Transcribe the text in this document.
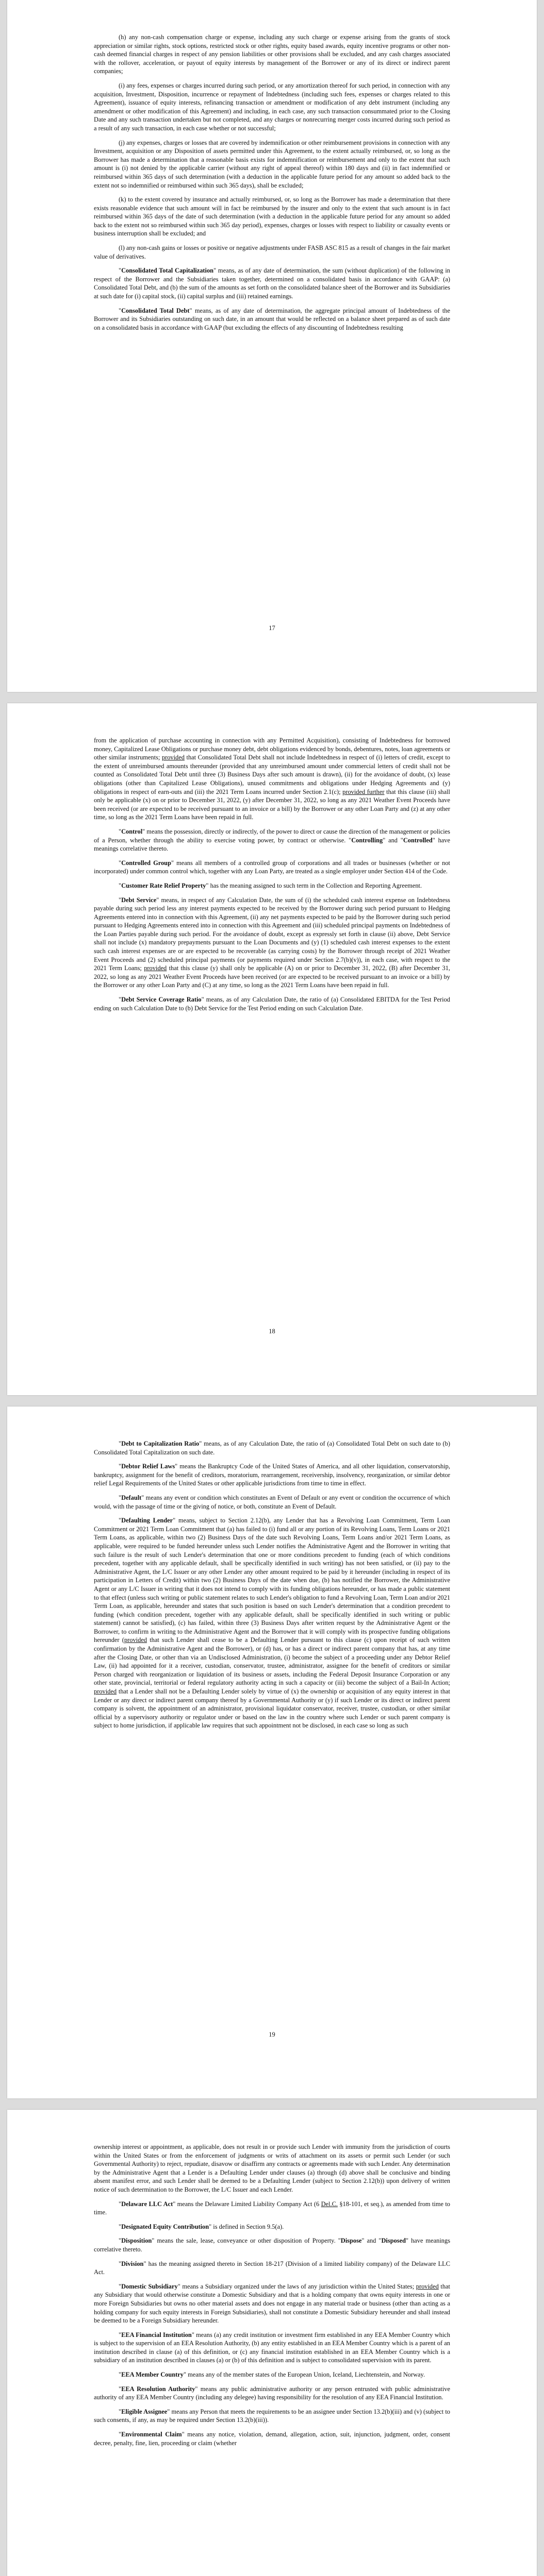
(h) any non-cash compensation charge or expense, including any such charge or expense arising from the grants of stock appreciation or similar rights, stock options, restricted stock or other rights, equity based awards, equity incentive programs or other non-cash deemed financial charges in respect of any pension liabilities or other provisions shall be excluded, and any cash charges associated with the rollover, acceleration, or payout of equity interests by management of the Borrower or any of its direct or indirect parent companies;

(i) any fees, expenses or charges incurred during such period, or any amortization thereof for such period, in connection with any acquisition, Investment, Disposition, incurrence or repayment of Indebtedness (including such fees, expenses or charges related to this Agreement), issuance of equity interests, refinancing transaction or amendment or modification of any debt instrument (including any amendment or other modification of this Agreement) and including, in each case, any such transaction consummated prior to the Closing Date and any such transaction undertaken but not completed, and any charges or nonrecurring merger costs incurred during such period as a result of any such transaction, in each case whether or not successful;

(j) any expenses, charges or losses that are covered by indemnification or other reimbursement provisions in connection with any Investment, acquisition or any Disposition of assets permitted under this Agreement, to the extent actually reimbursed, or, so long as the Borrower has made a determination that a reasonable basis exists for indemnification or reimbursement and only to the extent that such amount is (i) not denied by the applicable carrier (without any right of appeal thereof) within 180 days and (ii) in fact indemnified or reimbursed within 365 days of such determination (with a deduction in the applicable future period for any amount so added back to the extent not so indemnified or reimbursed within such 365 days), shall be excluded;

(k) to the extent covered by insurance and actually reimbursed, or, so long as the Borrower has made a determination that there exists reasonable evidence that such amount will in fact be reimbursed by the insurer and only to the extent that such amount is in fact reimbursed within 365 days of the date of such determination (with a deduction in the applicable future period for any amount so added back to the extent not so reimbursed within such 365 day period), expenses, charges or losses with respect to liability or casualty events or business interruption shall be excluded; and

(l) any non-cash gains or losses or positive or negative adjustments under FASB ASC 815 as a result of changes in the fair market value of derivatives.

"Consolidated Total Capitalization" means, as of any date of determination, the sum (without duplication) of the following in respect of the Borrower and the Subsidiaries taken together, determined on a consolidated basis in accordance with GAAP: (a) Consolidated Total Debt, and (b) the sum of the amounts as set forth on the consolidated balance sheet of the Borrower and its Subsidiaries at such date for (i) capital stock, (ii) capital surplus and (iii) retained earnings.

"Consolidated Total Debt" means, as of any date of determination, the aggregate principal amount of Indebtedness of the Borrower and its Subsidiaries outstanding on such date, in an amount that would be reflected on a balance sheet prepared as of such date on a consolidated basis in accordance with GAAP (but excluding the effects of any discounting of Indebtedness resulting

17

from the application of purchase accounting in connection with any Permitted Acquisition), consisting of Indebtedness for borrowed money, Capitalized Lease Obligations or purchase money debt, debt obligations evidenced by bonds, debentures, notes, loan agreements or other similar instruments; provided that Consolidated Total Debt shall not include Indebtedness in respect of (i) letters of credit, except to the extent of unreimbursed amounts thereunder (provided that any unreimbursed amount under commercial letters of credit shall not be counted as Consolidated Total Debt until three (3) Business Days after such amount is drawn), (ii) for the avoidance of doubt, (x) lease obligations (other than Capitalized Lease Obligations), unused commitments and obligations under Hedging Agreements and (y) obligations in respect of earn-outs and (iii) the 2021 Term Loans incurred under Section 2.1(c); provided further that this clause (iii) shall only be applicable (x) on or prior to December 31, 2022, (y) after December 31, 2022, so long as any 2021 Weather Event Proceeds have been received (or are expected to be received pursuant to an invoice or a bill) by the Borrower or any other Loan Party and (z) at any other time, so long as the 2021 Term Loans have been repaid in full.

"Control" means the possession, directly or indirectly, of the power to direct or cause the direction of the management or policies of a Person, whether through the ability to exercise voting power, by contract or otherwise. "Controlling" and "Controlled" have meanings correlative thereto.

"Controlled Group" means all members of a controlled group of corporations and all trades or businesses (whether or not incorporated) under common control which, together with any Loan Party, are treated as a single employer under Section 414 of the Code.

"Customer Rate Relief Property" has the meaning assigned to such term in the Collection and Reporting Agreement.

"Debt Service" means, in respect of any Calculation Date, the sum of (i) the scheduled cash interest expense on Indebtedness payable during such period less any interest payments expected to be received by the Borrower during such period pursuant to Hedging Agreements entered into in connection with this Agreement, (ii) any net payments expected to be paid by the Borrower during such period pursuant to Hedging Agreements entered into in connection with this Agreement and (iii) scheduled principal payments on Indebtedness of the Loan Parties payable during such period. For the avoidance of doubt, except as expressly set forth in clause (ii) above, Debt Service shall not include (x) mandatory prepayments pursuant to the Loan Documents and (y) (1) scheduled cash interest expenses to the extent such cash interest expenses are or are expected to be recoverable (as carrying costs) by the Borrower through receipt of 2021 Weather Event Proceeds and (2) scheduled principal payments (or payments required under Section 2.7(b)(v)), in each case, with respect to the 2021 Term Loans; provided that this clause (y) shall only be applicable (A) on or prior to December 31, 2022, (B) after December 31, 2022, so long as any 2021 Weather Event Proceeds have been received (or are expected to be received pursuant to an invoice or a bill) by the Borrower or any other Loan Party and (C) at any time, so long as the 2021 Term Loans have been repaid in full.

"Debt Service Coverage Ratio" means, as of any Calculation Date, the ratio of (a) Consolidated EBITDA for the Test Period ending on such Calculation Date to (b) Debt Service for the Test Period ending on such Calculation Date.

18

"Debt to Capitalization Ratio" means, as of any Calculation Date, the ratio of (a) Consolidated Total Debt on such date to (b) Consolidated Total Capitalization on such date.

"Debtor Relief Laws" means the Bankruptcy Code of the United States of America, and all other liquidation, conservatorship, bankruptcy, assignment for the benefit of creditors, moratorium, rearrangement, receivership, insolvency, reorganization, or similar debtor relief Legal Requirements of the United States or other applicable jurisdictions from time to time in effect.

"Default" means any event or condition which constitutes an Event of Default or any event or condition the occurrence of which would, with the passage of time or the giving of notice, or both, constitute an Event of Default.

"Defaulting Lender" means, subject to Section 2.12(b), any Lender that has a Revolving Loan Commitment, Term Loan Commitment or 2021 Term Loan Commitment that (a) has failed to (i) fund all or any portion of its Revolving Loans, Term Loans or 2021 Term Loans, as applicable, within two (2) Business Days of the date such Revolving Loans, Term Loans and/or 2021 Term Loans, as applicable, were required to be funded hereunder unless such Lender notifies the Administrative Agent and the Borrower in writing that such failure is the result of such Lender's determination that one or more conditions precedent to funding (each of which conditions precedent, together with any applicable default, shall be specifically identified in such writing) has not been satisfied, or (ii) pay to the Administrative Agent, the L/C Issuer or any other Lender any other amount required to be paid by it hereunder (including in respect of its participation in Letters of Credit) within two (2) Business Days of the date when due, (b) has notified the Borrower, the Administrative Agent or any L/C Issuer in writing that it does not intend to comply with its funding obligations hereunder, or has made a public statement to that effect (unless such writing or public statement relates to such Lender's obligation to fund a Revolving Loan, Term Loan and/or 2021 Term Loan, as applicable, hereunder and states that such position is based on such Lender's determination that a condition precedent to funding (which condition precedent, together with any applicable default, shall be specifically identified in such writing or public statement) cannot be satisfied), (c) has failed, within three (3) Business Days after written request by the Administrative Agent or the Borrower, to confirm in writing to the Administrative Agent and the Borrower that it will comply with its prospective funding obligations hereunder (provided that such Lender shall cease to be a Defaulting Lender pursuant to this clause (c) upon receipt of such written confirmation by the Administrative Agent and the Borrower), or (d) has, or has a direct or indirect parent company that has, at any time after the Closing Date, or other than via an Undisclosed Administration, (i) become the subject of a proceeding under any Debtor Relief Law, (ii) had appointed for it a receiver, custodian, conservator, trustee, administrator, assignee for the benefit of creditors or similar Person charged with reorganization or liquidation of its business or assets, including the Federal Deposit Insurance Corporation or any other state, provincial, territorial or federal regulatory authority acting in such a capacity or (iii) become the subject of a Bail-In Action; provided that a Lender shall not be a Defaulting Lender solely by virtue of (x) the ownership or acquisition of any equity interest in that Lender or any direct or indirect parent company thereof by a Governmental Authority or (y) if such Lender or its direct or indirect parent company is solvent, the appointment of an administrator, provisional liquidator conservator, receiver, trustee, custodian, or other similar official by a supervisory authority or regulator under or based on the law in the country where such Lender or such parent company is subject to home jurisdiction, if applicable law requires that such appointment not be disclosed, in each case so long as such

19

ownership interest or appointment, as applicable, does not result in or provide such Lender with immunity from the jurisdiction of courts within the United States or from the enforcement of judgments or writs of attachment on its assets or permit such Lender (or such Governmental Authority) to reject, repudiate, disavow or disaffirm any contracts or agreements made with such Lender. Any determination by the Administrative Agent that a Lender is a Defaulting Lender under clauses (a) through (d) above shall be conclusive and binding absent manifest error, and such Lender shall be deemed to be a Defaulting Lender (subject to Section 2.12(b)) upon delivery of written notice of such determination to the Borrower, the L/C Issuer and each Lender.

"Delaware LLC Act" means the Delaware Limited Liability Company Act (6 Del.C. §18-101, et seq.), as amended from time to time.

"Designated Equity Contribution" is defined in Section 9.5(a).

"Disposition" means the sale, lease, conveyance or other disposition of Property. "Dispose" and "Disposed" have meanings correlative thereto.

"Division" has the meaning assigned thereto in Section 18-217 (Division of a limited liability company) of the Delaware LLC Act.

"Domestic Subsidiary" means a Subsidiary organized under the laws of any jurisdiction within the United States; provided that any Subsidiary that would otherwise constitute a Domestic Subsidiary and that is a holding company that owns equity interests in one or more Foreign Subsidiaries but owns no other material assets and does not engage in any material trade or business (other than acting as a holding company for such equity interests in Foreign Subsidiaries), shall not constitute a Domestic Subsidiary hereunder and shall instead be deemed to be a Foreign Subsidiary hereunder.

"EEA Financial Institution" means (a) any credit institution or investment firm established in any EEA Member Country which is subject to the supervision of an EEA Resolution Authority, (b) any entity established in an EEA Member Country which is a parent of an institution described in clause (a) of this definition, or (c) any financial institution established in an EEA Member Country which is a subsidiary of an institution described in clauses (a) or (b) of this definition and is subject to consolidated supervision with its parent.

"EEA Member Country" means any of the member states of the European Union, Iceland, Liechtenstein, and Norway.

"EEA Resolution Authority" means any public administrative authority or any person entrusted with public administrative authority of any EEA Member Country (including any delegee) having responsibility for the resolution of any EEA Financial Institution.

"Eligible Assignee" means any Person that meets the requirements to be an assignee under Section 13.2(b)(iii) and (v) (subject to such consents, if any, as may be required under Section 13.2(b)(iii)).

"Environmental Claim" means any notice, violation, demand, allegation, action, suit, injunction, judgment, order, consent decree, penalty, fine, lien, proceeding or claim (whether
